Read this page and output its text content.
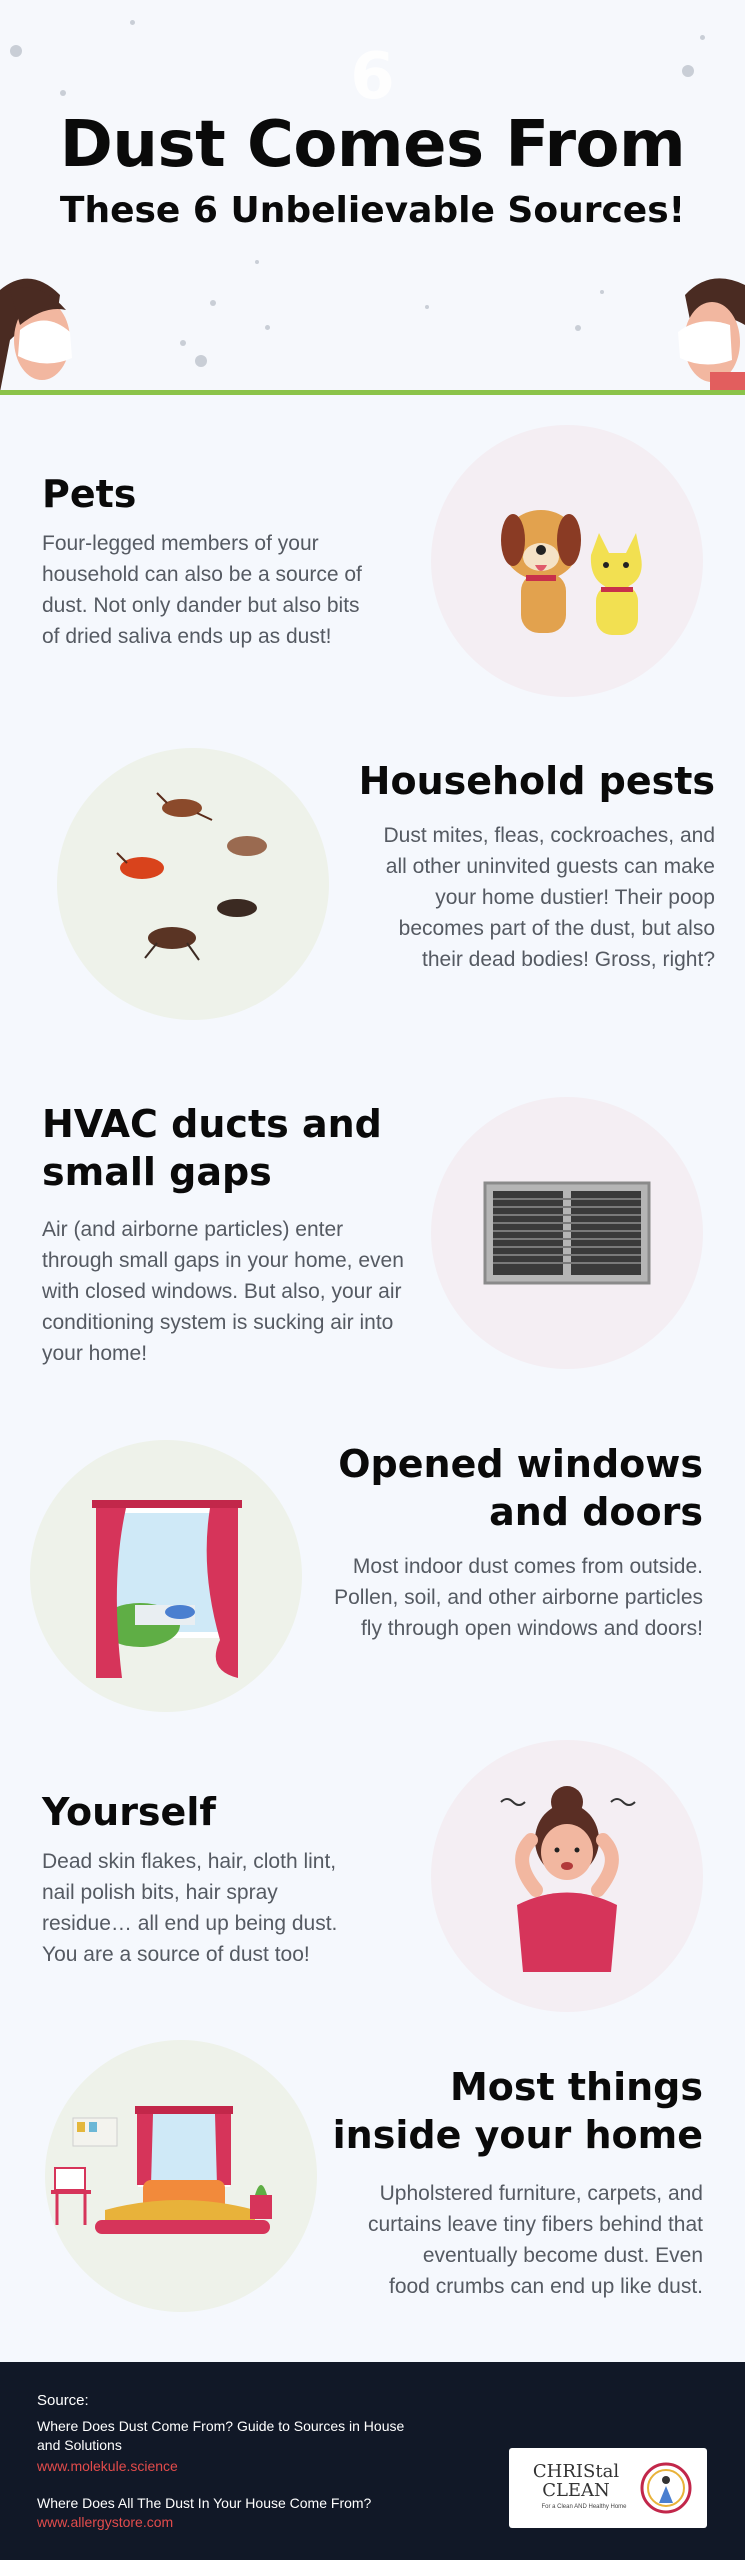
6
Dust Comes From
These 6 Unbelievable Sources!
Pets
Four-legged members of your
household can also be a source of
dust. Not only dander but also bits
of dried saliva ends up as dust!
Household pests
Dust mites, fleas, cockroaches, and
all other uninvited guests can make
your home dustier! Their poop
becomes part of the dust, but also
their dead bodies! Gross, right?
HVAC ducts and
small gaps
Air (and airborne particles) enter
through small gaps in your home, even
with closed windows. But also, your air
conditioning system is sucking air into
your home!
Opened windows
and doors
Most indoor dust comes from outside.
Pollen, soil, and other airborne particles
fly through open windows and doors!
Yourself
Dead skin flakes, hair, cloth lint,
nail polish bits, hair spray
residue… all end up being dust.
You are a source of dust too!
Most things
inside your home
Upholstered furniture, carpets, and
curtains leave tiny fibers behind that
eventually become dust. Even
food crumbs can end up like dust.
Source:
Where Does Dust Come From? Guide to Sources in House
and Solutions
www.molekule.science
Where Does All The Dust In Your House Come From?
www.allergystore.com
CHRIStal
CLEAN
For a Clean AND Healthy Home
